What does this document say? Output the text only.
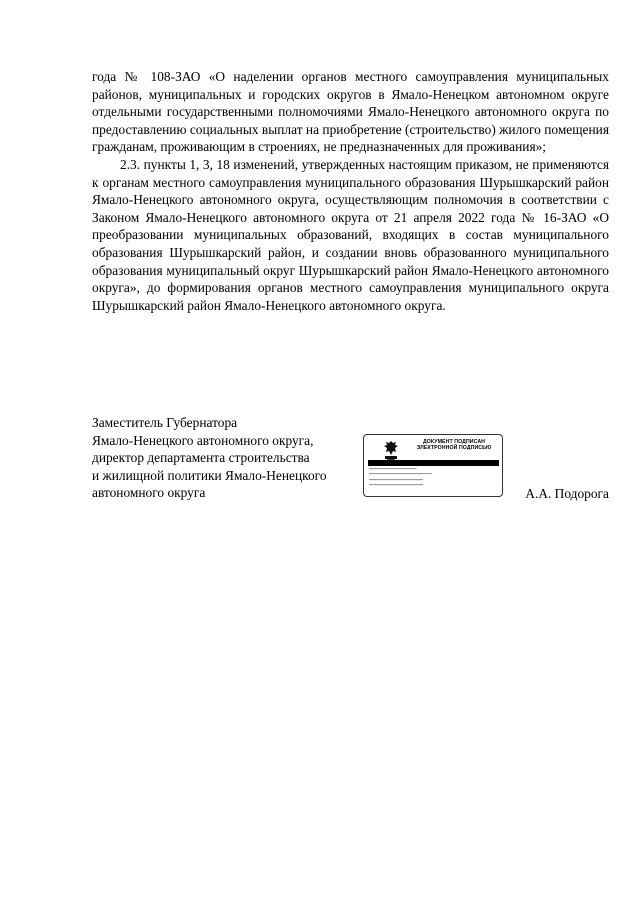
года № 108-ЗАО «О наделении органов местного самоуправления муниципальных районов, муниципальных и городских округов в Ямало-Ненецком автономном округе отдельными государственными полномочиями Ямало-Ненецкого автономного округа по предоставлению социальных выплат на приобретение (строительство) жилого помещения гражданам, проживающим в строениях, не предназначенных для проживания»;

2.3. пункты 1, 3, 18 изменений, утвержденных настоящим приказом, не применяются к органам местного самоуправления муниципального образования Шурышкарский район Ямало-Ненецкого автономного округа, осуществляющим полномочия в соответствии с Законом Ямало-Ненецкого автономного округа от 21 апреля 2022 года № 16-ЗАО «О преобразовании муниципальных образований, входящих в состав муниципального образования Шурышкарский район, и создании вновь образованного муниципального образования муниципальный округ Шурышкарский район Ямало-Ненецкого автономного округа», до формирования органов местного самоуправления муниципального округа Шурышкарский район Ямало-Ненецкого автономного округа.

Заместитель Губернатора
Ямало-Ненецкого автономного округа,
директор департамента строительства
и жилищной политики Ямало-Ненецкого
автономного округа
ДОКУМЕНТ ПОДПИСАН ЭЛЕКТРОННОЙ ПОДПИСЬЮ
━━━━━━━━━━━━━━━━━━━━━━
━━━━━━━━━━━━━━━━━━━━━━━━━━━━━
━━━━━━━━━━━━━━━━━━━━━━━━━
━━━━━━━━━━━━━━━━━━━━━━━━━
А.А. Подорога
